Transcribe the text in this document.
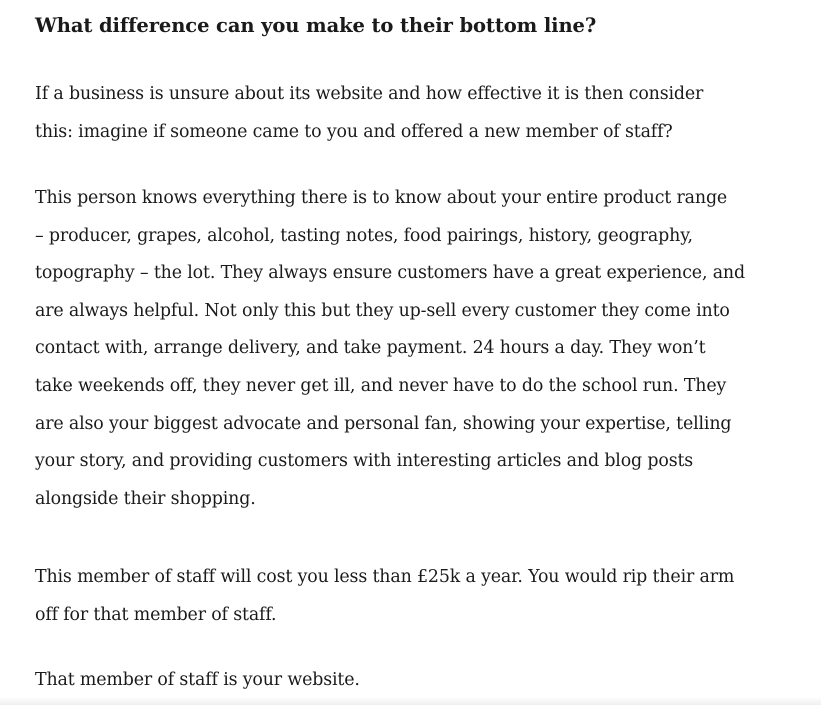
What difference can you make to their bottom line?

If a business is unsure about its website and how effective it is then consider
this: imagine if someone came to you and offered a new member of staff?

This person knows everything there is to know about your entire product range
– producer, grapes, alcohol, tasting notes, food pairings, history, geography,
topography – the lot. They always ensure customers have a great experience, and
are always helpful. Not only this but they up-sell every customer they come into
contact with, arrange delivery, and take payment. 24 hours a day. They won’t
take weekends off, they never get ill, and never have to do the school run. They
are also your biggest advocate and personal fan, showing your expertise, telling
your story, and providing customers with interesting articles and blog posts
alongside their shopping.

This member of staff will cost you less than £25k a year. You would rip their arm
off for that member of staff.

That member of staff is your website.
